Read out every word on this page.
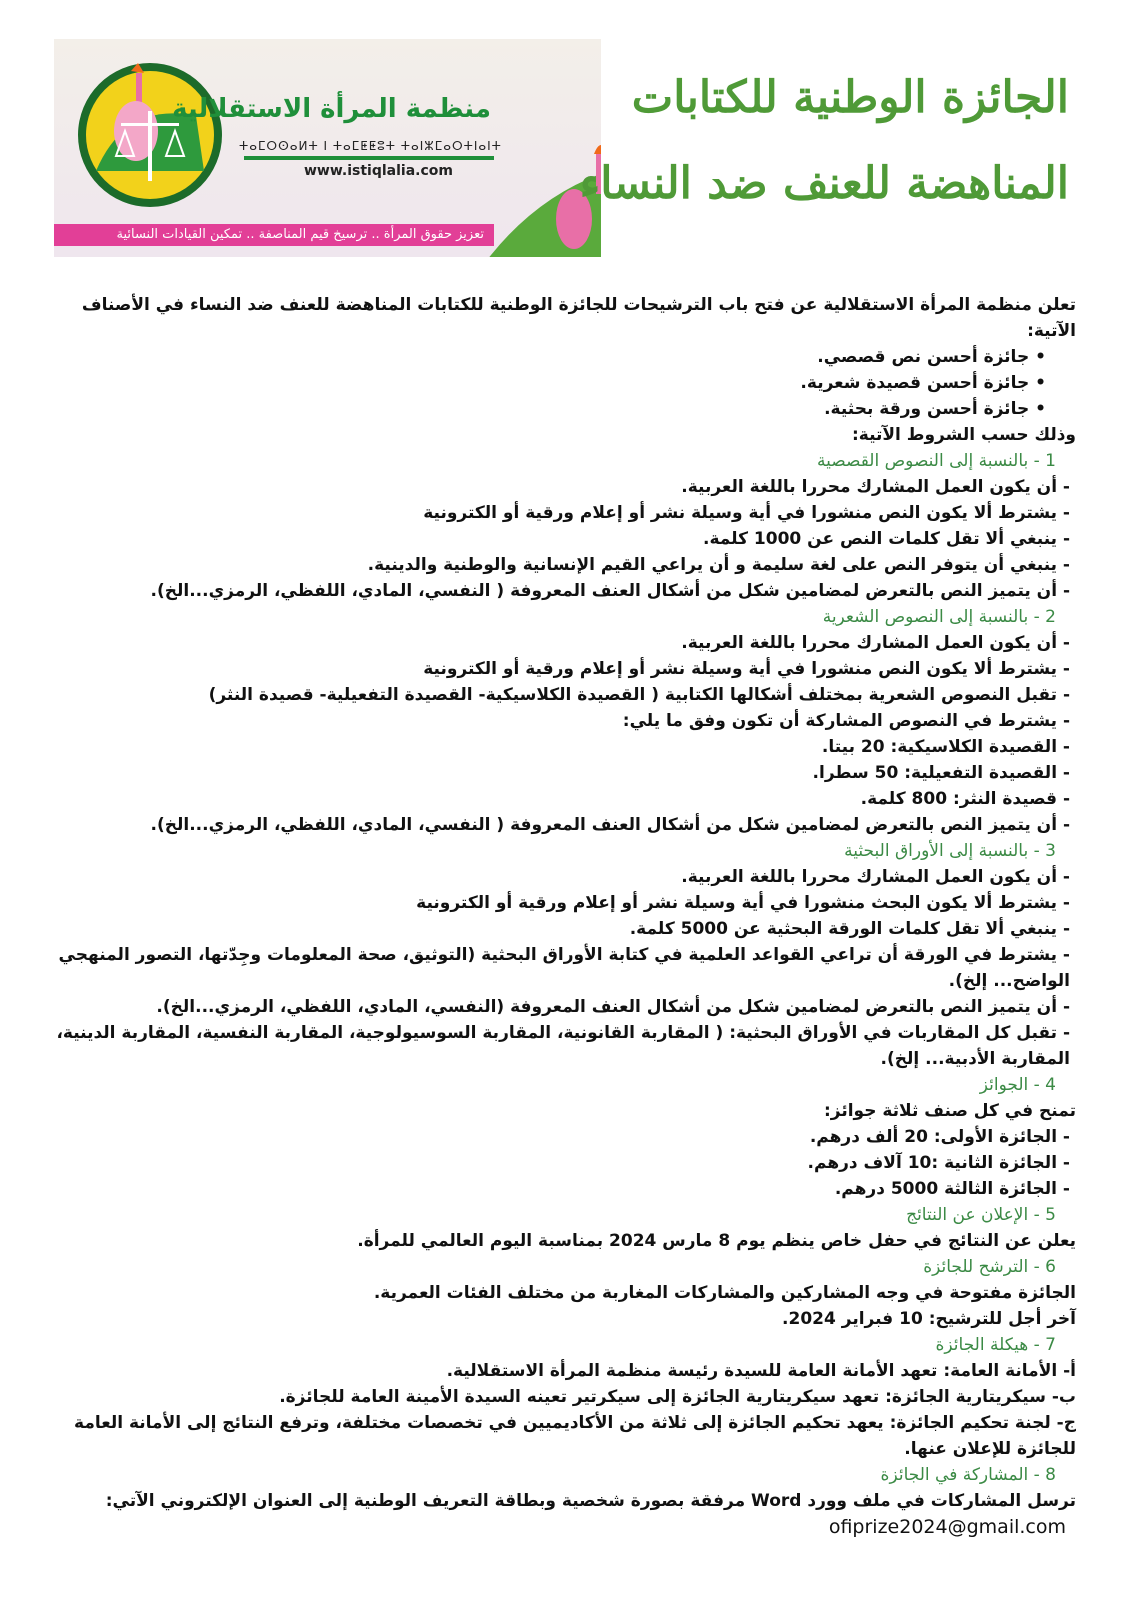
منظمة المرأة الاستقلالية
ⵜⴰⵎⵔⵙⴰⵍⵜ ⵏ ⵜⴰⵎⵟⵟⵓⵜ ⵜⴰⵏⵣⵎⴰⵔⵜⵏⴰⵏⵜ
www.istiqlalia.com
تعزيز حقوق المرأة .. ترسيخ قيم المناصفة .. تمكين القيادات النسائية
الجائزة الوطنية للكتابات
المناهضة للعنف ضد النساء

تعلن منظمة المرأة الاستقلالية عن فتح باب الترشيحات للجائزة الوطنية للكتابات المناهضة للعنف ضد النساء في الأصناف الآتية:

• جائزة أحسن نص قصصي.

• جائزة أحسن قصيدة شعرية.

• جائزة أحسن ورقة بحثية.

وذلك حسب الشروط الآتية:

1 - بالنسبة إلى النصوص القصصية

- أن يكون العمل المشارك محررا باللغة العربية.

- يشترط ألا يكون النص منشورا في أية وسيلة نشر أو إعلام ورقية أو الكترونية

- ينبغي ألا تقل كلمات النص عن 1000 كلمة.

- ينبغي أن يتوفر النص على لغة سليمة و أن يراعي القيم الإنسانية والوطنية والدينية.

- أن يتميز النص بالتعرض لمضامين شكل من أشكال العنف المعروفة ( النفسي، المادي، اللفظي، الرمزي...الخ).

2 - بالنسبة إلى النصوص الشعرية

- أن يكون العمل المشارك محررا باللغة العربية.

- يشترط ألا يكون النص منشورا في أية وسيلة نشر أو إعلام ورقية أو الكترونية

- تقبل النصوص الشعرية بمختلف أشكالها الكتابية ( القصيدة الكلاسيكية- القصيدة التفعيلية- قصيدة النثر)

- يشترط في النصوص المشاركة أن تكون وفق ما يلي:

- القصيدة الكلاسيكية: 20 بيتا.

- القصيدة التفعيلية: 50 سطرا.

- قصيدة النثر: 800 كلمة.

- أن يتميز النص بالتعرض لمضامين شكل من أشكال العنف المعروفة ( النفسي، المادي، اللفظي، الرمزي...الخ).

3 - بالنسبة إلى الأوراق البحثية

- أن يكون العمل المشارك محررا باللغة العربية.

- يشترط ألا يكون البحث منشورا في أية وسيلة نشر أو إعلام ورقية أو الكترونية

- ينبغي ألا تقل كلمات الورقة البحثية عن 5000 كلمة.

- يشترط في الورقة أن تراعي القواعد العلمية في كتابة الأوراق البحثية (التوثيق، صحة المعلومات وجِدّتها، التصور المنهجي الواضح... إلخ).

- أن يتميز النص بالتعرض لمضامين شكل من أشكال العنف المعروفة (النفسي، المادي، اللفظي، الرمزي...الخ).

- تقبل كل المقاربات في الأوراق البحثية: ( المقاربة القانونية، المقاربة السوسيولوجية، المقاربة النفسية، المقاربة الدينية، المقاربة الأدبية... إلخ).

4 - الجوائز

تمنح في كل صنف ثلاثة جوائز:

- الجائزة الأولى: 20 ألف درهم.

- الجائزة الثانية :10 آلاف درهم.

- الجائزة الثالثة 5000 درهم.

5 - الإعلان عن النتائج

يعلن عن النتائج في حفل خاص ينظم يوم 8 مارس 2024 بمناسبة اليوم العالمي للمرأة.

6 - الترشح للجائزة

الجائزة مفتوحة في وجه المشاركين والمشاركات المغاربة من مختلف الفئات العمرية.

آخر أجل للترشيح: 10 فبراير 2024.

7 - هيكلة الجائزة

أ- الأمانة العامة: تعهد الأمانة العامة للسيدة رئيسة منظمة المرأة الاستقلالية.

ب- سيكريتارية الجائزة: تعهد سيكريتارية الجائزة إلى سيكرتير تعينه السيدة الأمينة العامة للجائزة.

ج- لجنة تحكيم الجائزة: يعهد تحكيم الجائزة إلى ثلاثة من الأكاديميين في تخصصات مختلفة، وترفع النتائج إلى الأمانة العامة للجائزة للإعلان عنها.

8 - المشاركة في الجائزة

ترسل المشاركات في ملف وورد Word مرفقة بصورة شخصية وبطاقة التعريف الوطنية إلى العنوان الإلكتروني الآتي:

ofiprize2024@gmail.com
